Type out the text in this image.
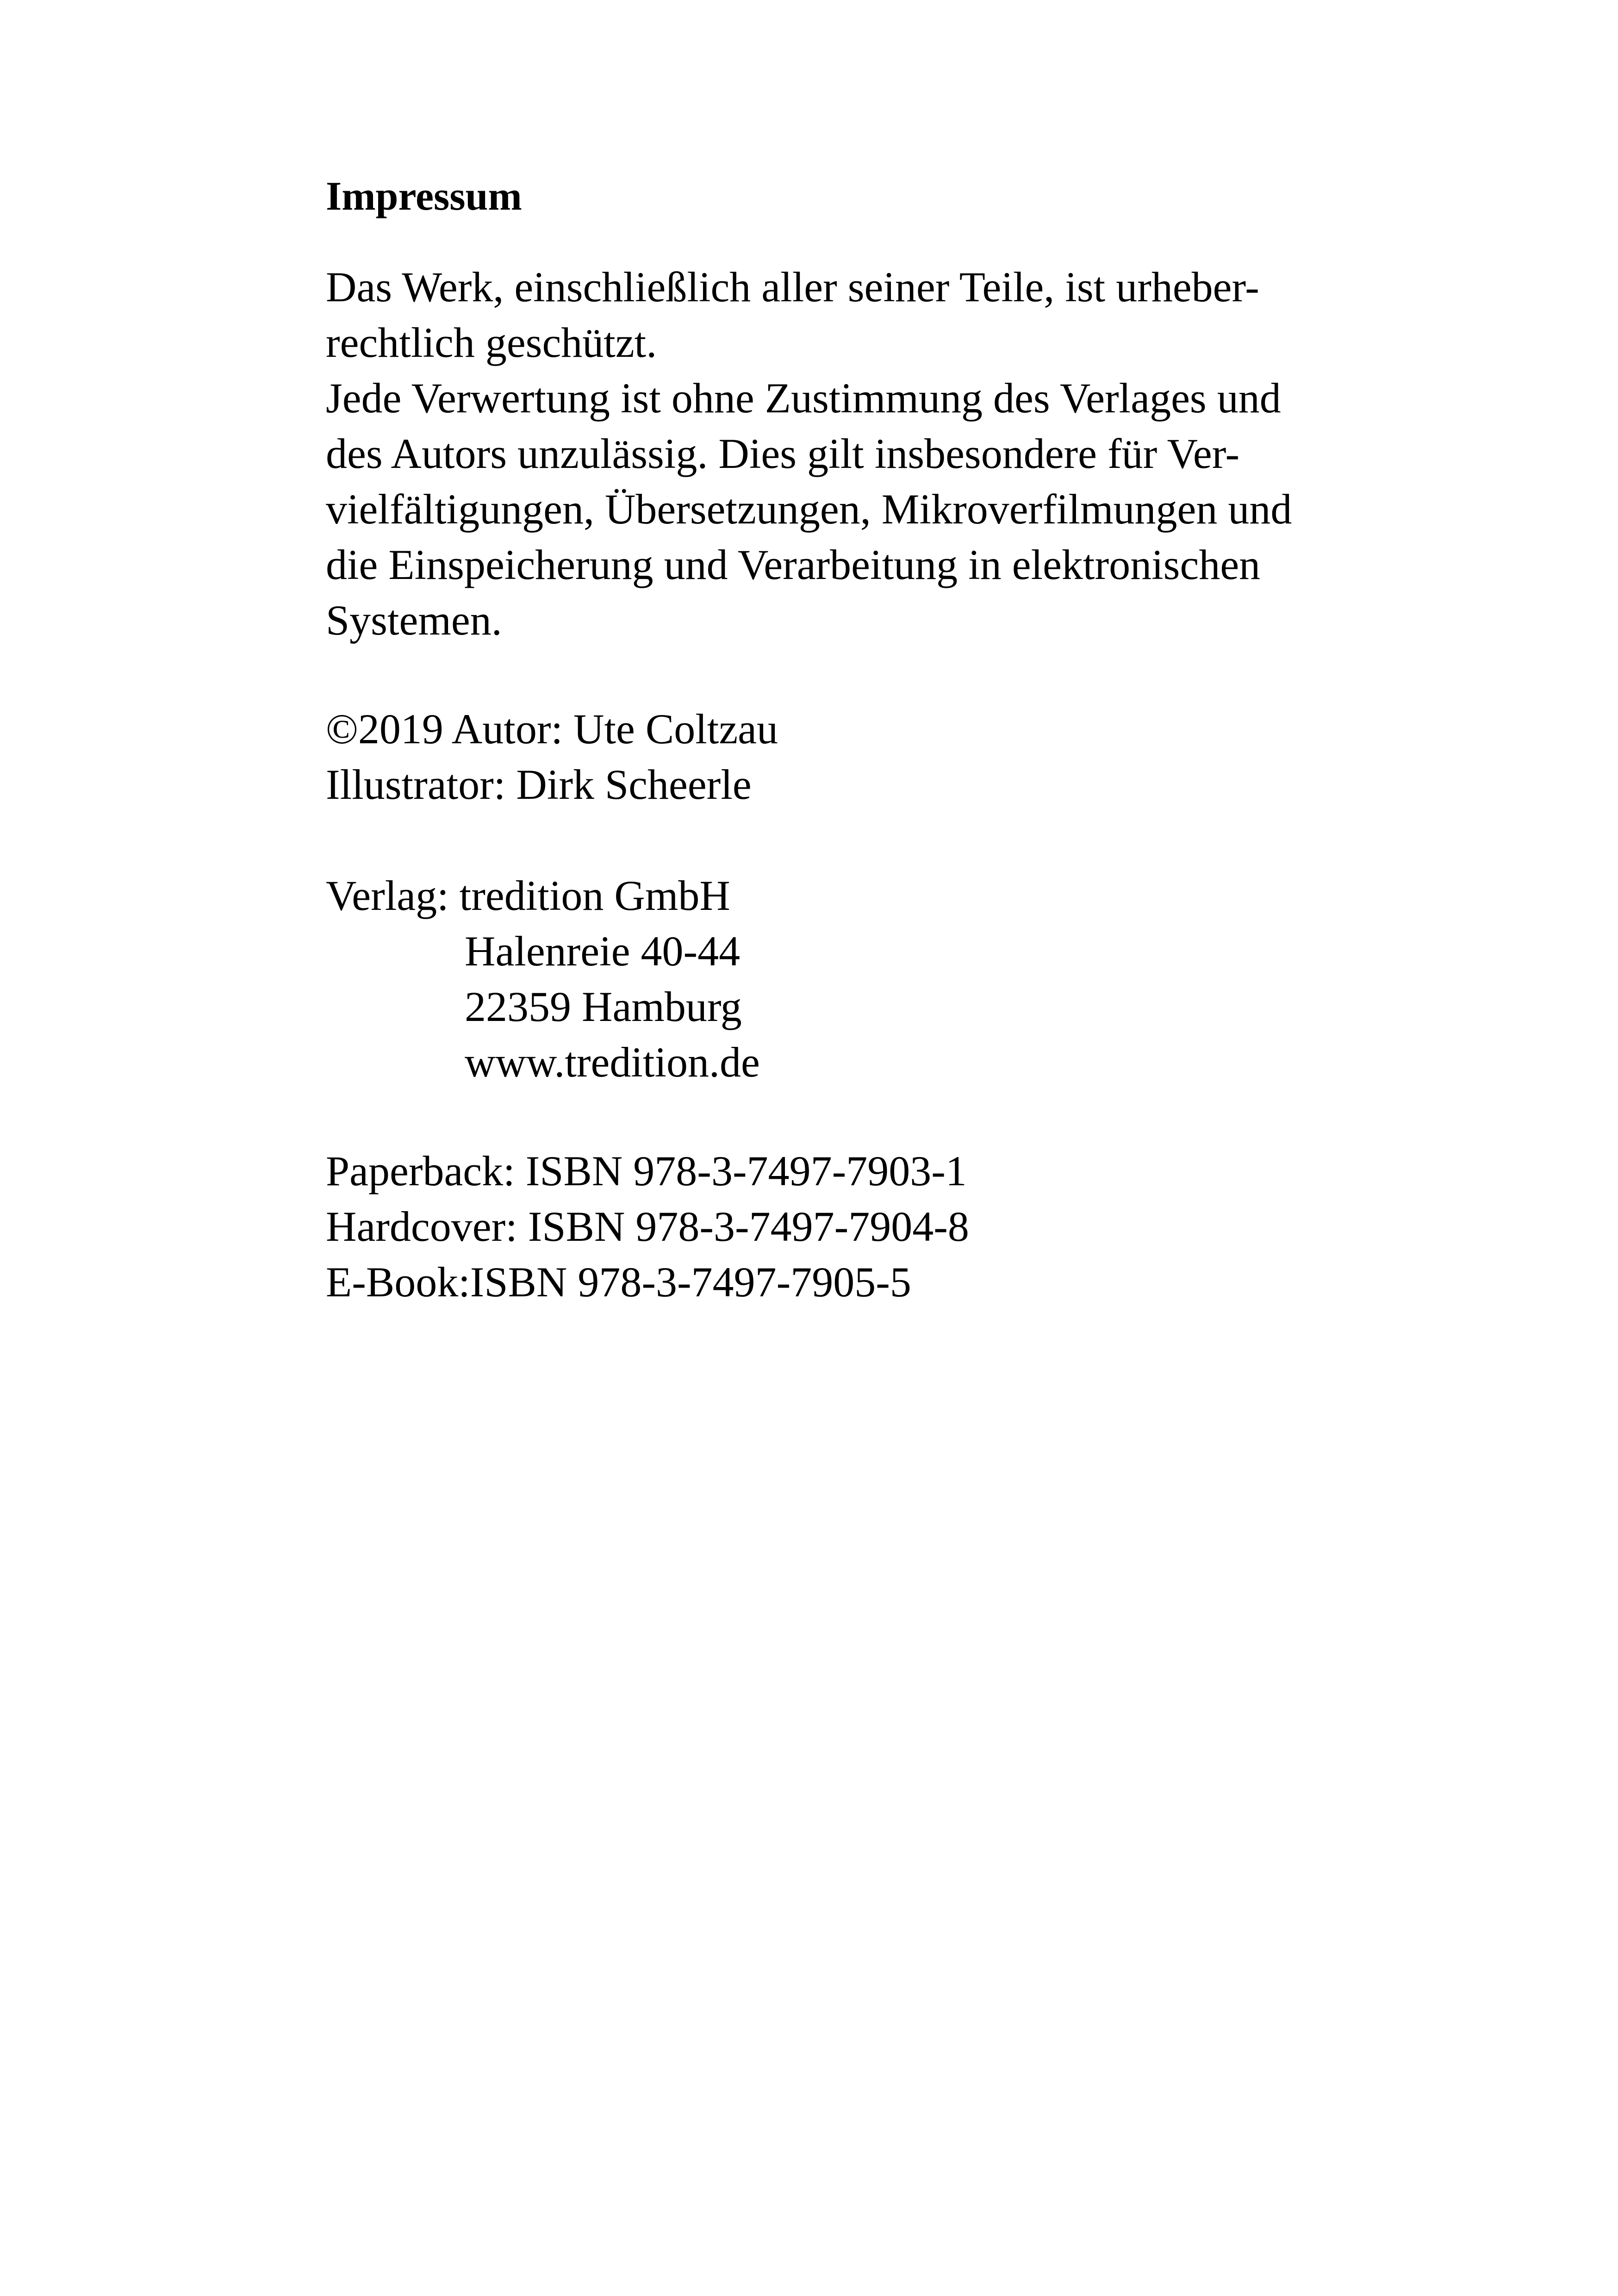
Impressum
Das Werk, einschließlich aller seiner Teile, ist urheber-
rechtlich geschützt.
Jede Verwertung ist ohne Zustimmung des Verlages und
des Autors unzulässig. Dies gilt insbesondere für Ver-
vielfältigungen, Übersetzungen, Mikroverfilmungen und
die Einspeicherung und Verarbeitung in elektronischen
Systemen.
©2019 Autor: Ute Coltzau
Illustrator: Dirk Scheerle
Verlag: tredition GmbH
Halenreie 40-44
22359 Hamburg
www.tredition.de
Paperback: ISBN 978-3-7497-7903-1
Hardcover: ISBN 978-3-7497-7904-8
E-Book:ISBN 978-3-7497-7905-5
